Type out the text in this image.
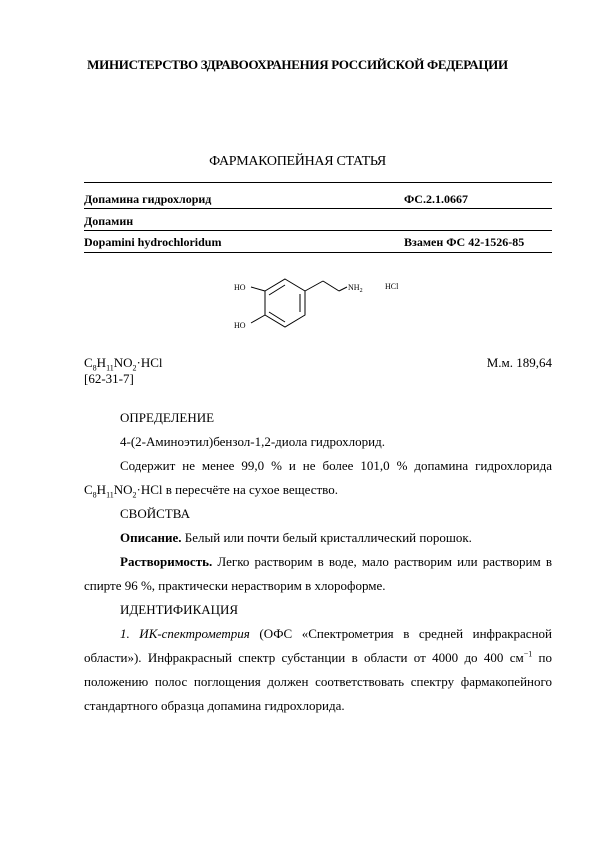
МИНИСТЕРСТВО ЗДРАВООХРАНЕНИЯ РОССИЙСКОЙ ФЕДЕРАЦИИ
ФАРМАКОПЕЙНАЯ СТАТЬЯ
Допамина гидрохлорид	ФС.2.1.0667
Допамин
Dopamini hydrochloridum	Взамен ФС 42-1526-85
HO
HO
$NH_2$	HCl
$C_8H_{11}NO_2\cdot HCl$	М.м. 189,64
[62-31-7]
ОПРЕДЕЛЕНИЕ
4-(2-Аминоэтил)бензол-1,2-диола гидрохлорид.
Содержит не менее 99,0 % и не более 101,0 % допамина гидрохлорида $C_8H_{11}NO_2\cdot HCl$ в пересчёте на сухое вещество.
СВОЙСТВА
Описание. Белый или почти белый кристаллический порошок.
Растворимость. Легко растворим в воде, мало растворим или растворим в спирте 96 %, практически нерастворим в хлороформе.
ИДЕНТИФИКАЦИЯ
1. ИК-спектрометрия (ОФС «Спектрометрия в средней инфракрасной области»). Инфракрасный спектр субстанции в области от 4000 до 400 $см^{-1}$ по положению полос поглощения должен соответствовать спектру фармакопейного стандартного образца допамина гидрохлорида.
